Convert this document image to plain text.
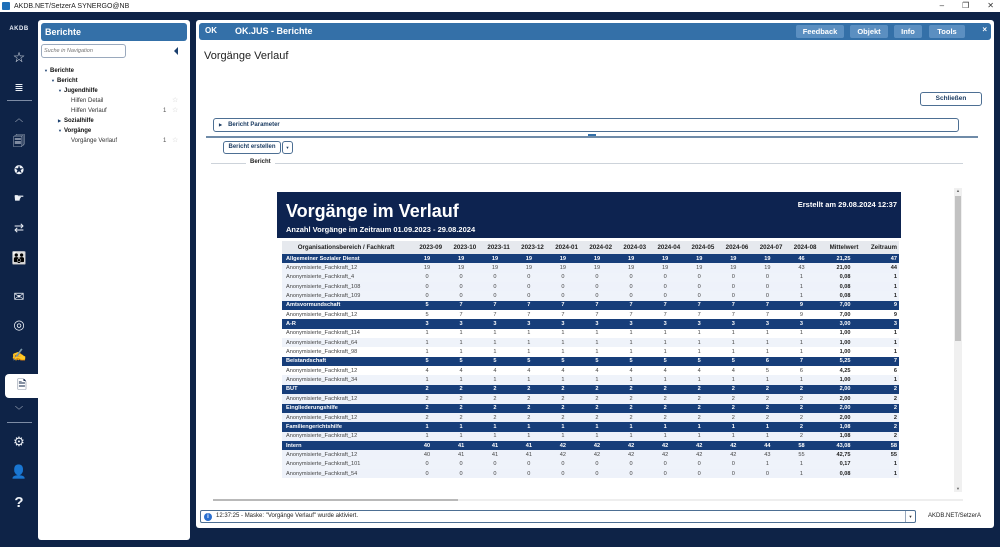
AKDB.NET/SetzerA SYNERGO@NB	– ❐ ✕
AKDB
☆
≣
︿
🗐
✪
☛
⇄
👪
✉
◎
✍
🗎
﹀
⚙
👤
?
Berichte
Suche in Navigation
▼ Berichte
▼ Bericht
▼ Jugendhilfe
Hilfen Detail	☆
Hilfen Verlauf	1 ☆
▶ Sozialhilfe
▼ Vorgänge
Vorgänge Verlauf	1 ☆
OK OK.JUS - Berichte	Feedback	Objekt	Info	Tools	×
Vorgänge Verlauf
Schließen
▶ Bericht Parameter
Bericht erstellen	▼
Bericht
Vorgänge im Verlauf
Anzahl Vorgänge im Zeitraum 01.09.2023 - 29.08.2024
Erstellt am 29.08.2024 12:37
Organisationsbereich / Fachkraft	2023-09	2023-10	2023-11	2023-12	2024-01	2024-02	2024-03	2024-04	2024-05	2024-06	2024-07	2024-08	Mittelwert	Zeitraum
Allgemeiner Sozialer Dienst	19	19	19	19	19	19	19	19	19	19	19	46	21,25	47
Anonymisierte_Fachkraft_12	19	19	19	19	19	19	19	19	19	19	19	43	21,00	44
Anonymisierte_Fachkraft_4	0	0	0	0	0	0	0	0	0	0	0	1	0,08	1
Anonymisierte_Fachkraft_108	0	0	0	0	0	0	0	0	0	0	0	1	0,08	1
Anonymisierte_Fachkraft_109	0	0	0	0	0	0	0	0	0	0	0	1	0,08	1
Amtsvormundschaft	5	7	7	7	7	7	7	7	7	7	7	9	7,00	9
Anonymisierte_Fachkraft_12	5	7	7	7	7	7	7	7	7	7	7	9	7,00	9
A-R	3	3	3	3	3	3	3	3	3	3	3	3	3,00	3
Anonymisierte_Fachkraft_114	1	1	1	1	1	1	1	1	1	1	1	1	1,00	1
Anonymisierte_Fachkraft_64	1	1	1	1	1	1	1	1	1	1	1	1	1,00	1
Anonymisierte_Fachkraft_98	1	1	1	1	1	1	1	1	1	1	1	1	1,00	1
Beistandschaft	5	5	5	5	5	5	5	5	5	5	6	7	5,25	7
Anonymisierte_Fachkraft_12	4	4	4	4	4	4	4	4	4	4	5	6	4,25	6
Anonymisierte_Fachkraft_34	1	1	1	1	1	1	1	1	1	1	1	1	1,00	1
BUT	2	2	2	2	2	2	2	2	2	2	2	2	2,00	2
Anonymisierte_Fachkraft_12	2	2	2	2	2	2	2	2	2	2	2	2	2,00	2
Eingliederungshilfe	2	2	2	2	2	2	2	2	2	2	2	2	2,00	2
Anonymisierte_Fachkraft_12	2	2	2	2	2	2	2	2	2	2	2	2	2,00	2
Familiengerichtshilfe	1	1	1	1	1	1	1	1	1	1	1	2	1,08	2
Anonymisierte_Fachkraft_12	1	1	1	1	1	1	1	1	1	1	1	2	1,08	2
Intern	40	41	41	41	42	42	42	42	42	42	44	58	43,08	58
Anonymisierte_Fachkraft_12	40	41	41	41	42	42	42	42	42	42	43	55	42,75	55
Anonymisierte_Fachkraft_101	0	0	0	0	0	0	0	0	0	0	1	1	0,17	1
Anonymisierte_Fachkraft_54	0	0	0	0	0	0	0	0	0	0	0	1	0,08	1
▲
▼
i	12:37:25 - Maske: "Vorgänge Verlauf" wurde aktiviert.	▼	AKDB.NET/SetzerA
